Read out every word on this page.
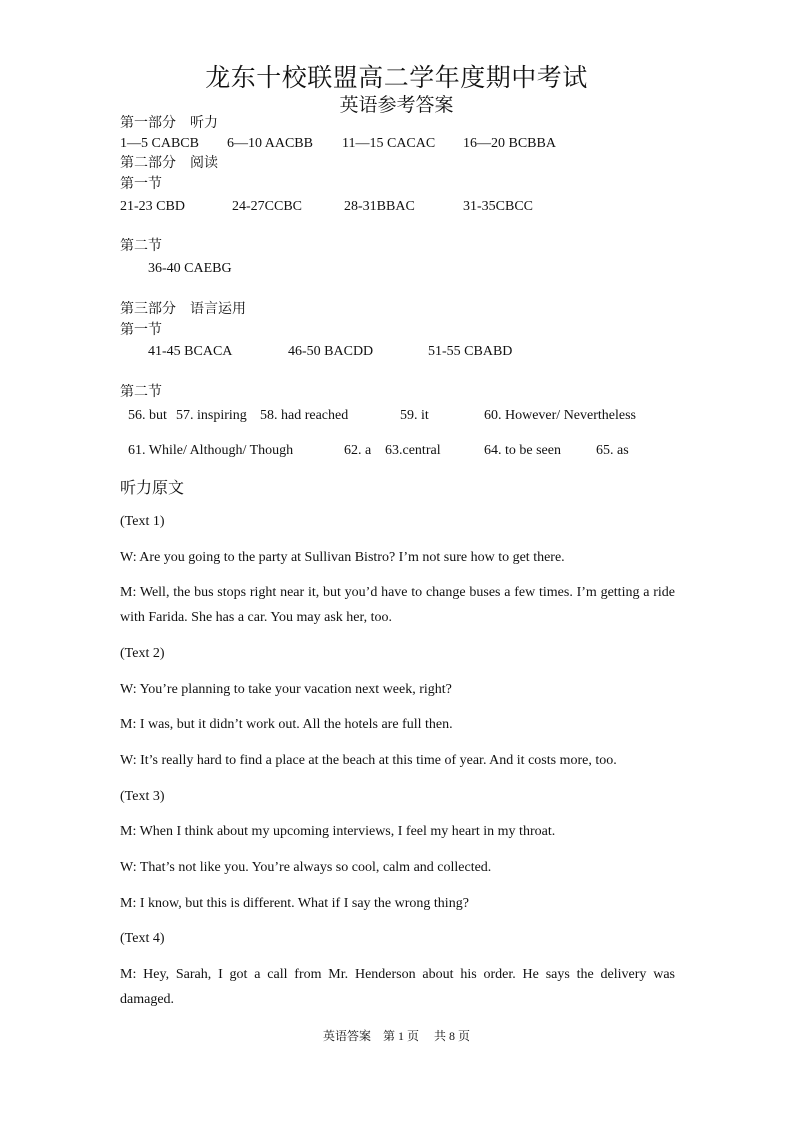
龙东十校联盟高二学年度期中考试
英语参考答案
第一部分　听力
1—5 CABCB 6—10 AACBB 11—15 CACAC 16—20 BCBBA
第二部分　阅读
第一节
21-23 CBD	24-27CCBC	28-31BBAC	31-35CBCC
第二节
36-40 CAEBG
第三部分　语言运用
第一节
41-45 BCACA	46-50 BACDD	51-55 CBABD
第二节
56. but 57. inspiring 58. had reached	59. it	60. However/ Nevertheless
61. While/ Although/ Though	62. a 63.central	64. to be seen	65. as
听力原文
(Text 1)
W: Are you going to the party at Sullivan Bistro? I’m not sure how to get there.
M: Well, the bus stops right near it, but you’d have to change buses a few times. I’m getting a ride with Farida. She has a car. You may ask her, too.
(Text 2)
W: You’re planning to take your vacation next week, right?
M: I was, but it didn’t work out. All the hotels are full then.
W: It’s really hard to find a place at the beach at this time of year. And it costs more, too.
(Text 3)
M: When I think about my upcoming interviews, I feel my heart in my throat.
W: That’s not like you. You’re always so cool, calm and collected.
M: I know, but this is different. What if I say the wrong thing?
(Text 4)
M: Hey, Sarah, I got a call from Mr. Henderson about his order. He says the delivery was damaged.
英语答案　第 1 页　 共 8 页
